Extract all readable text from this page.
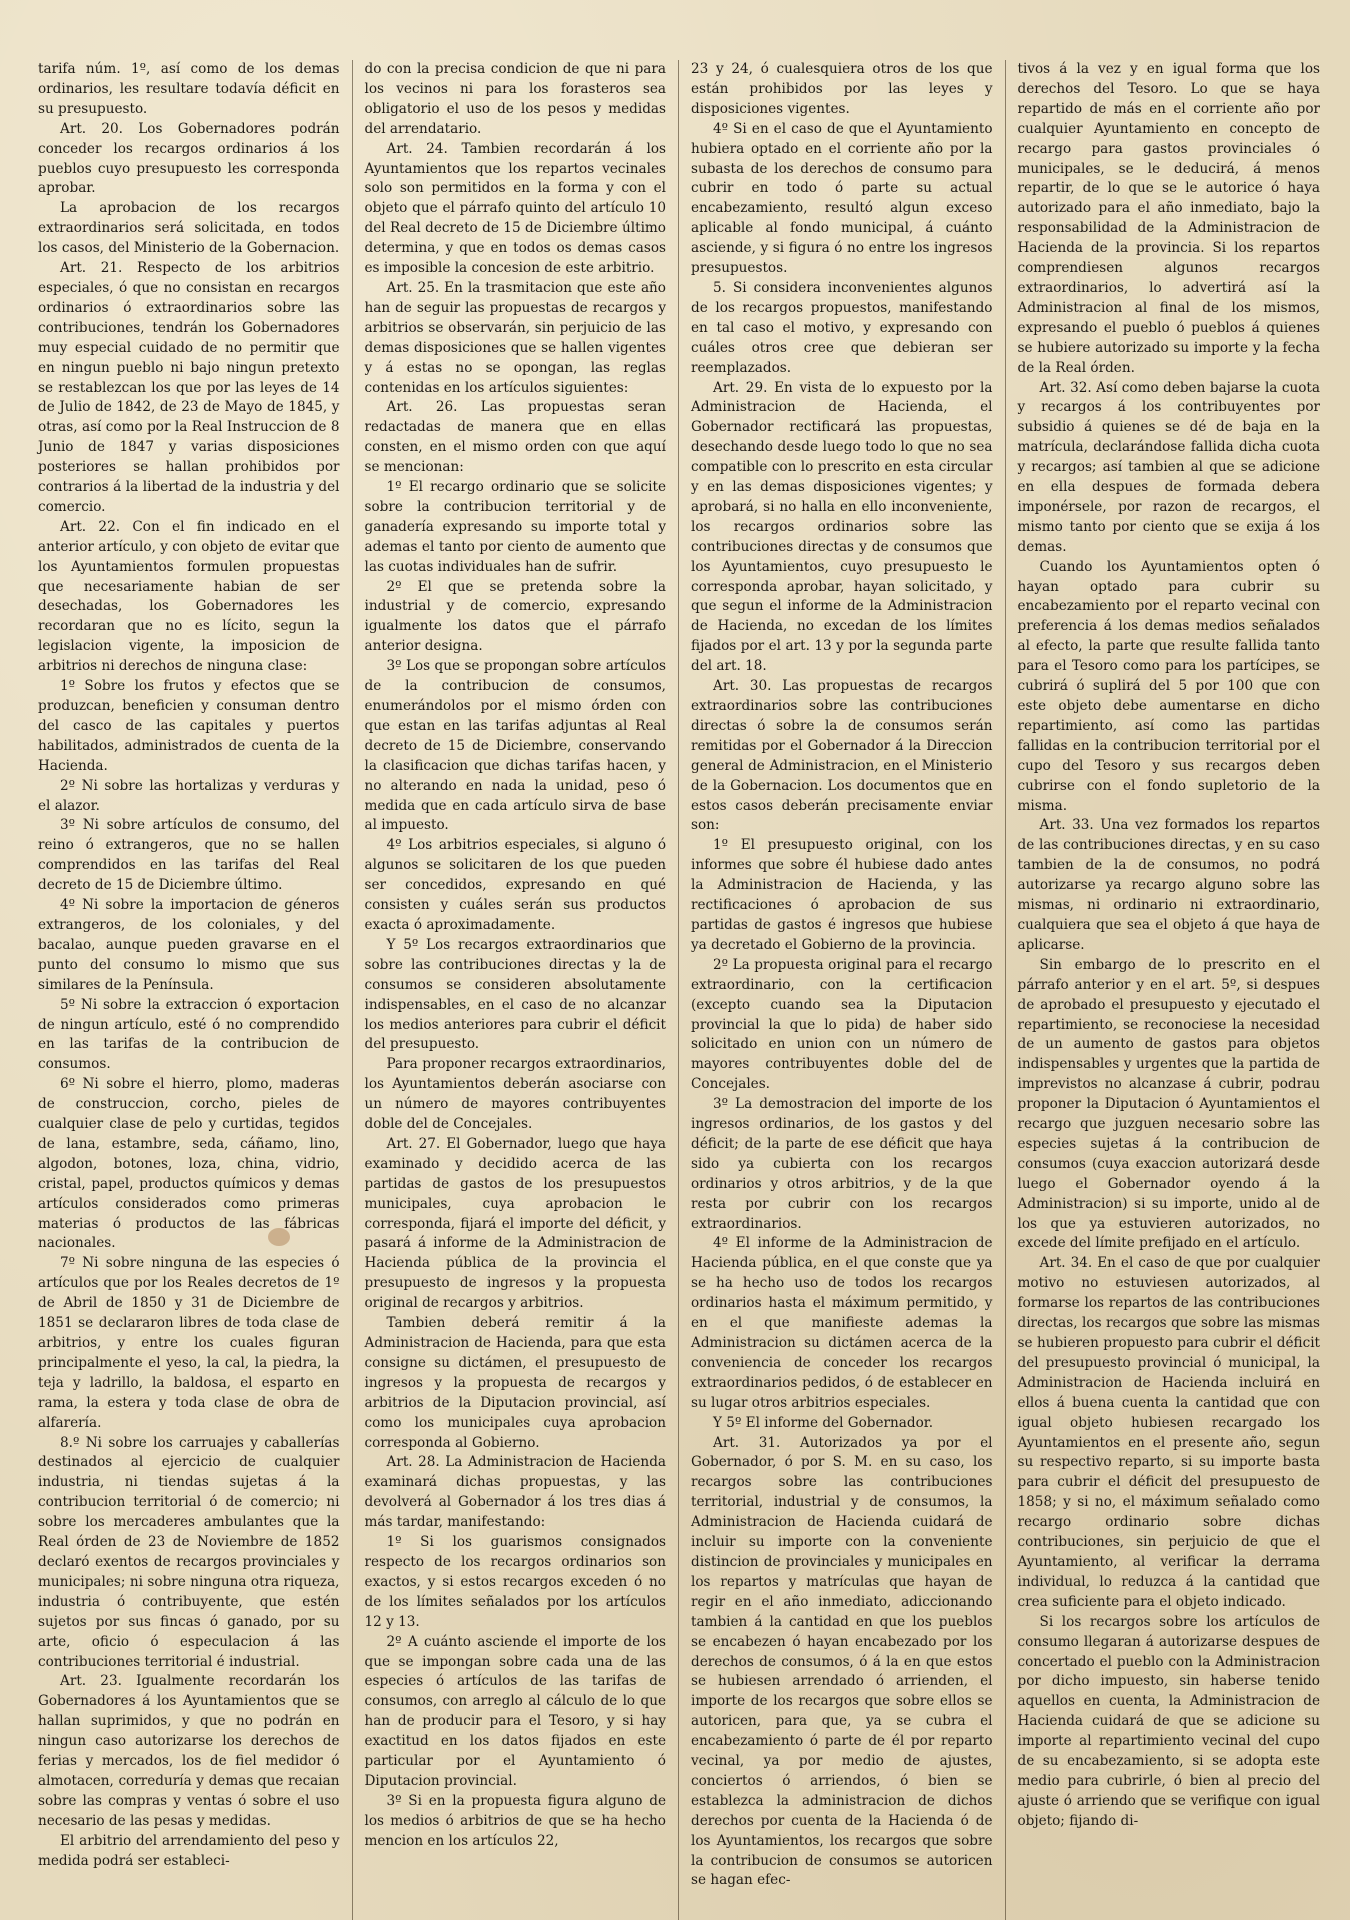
tarifa núm. 1º, así como de los demas ordinarios, les resultare todavía déficit en su presupuesto.

Art. 20. Los Gobernadores podrán conceder los recargos ordinarios á los pueblos cuyo presupuesto les corresponda aprobar.

La aprobacion de los recargos extraordinarios será solicitada, en todos los casos, del Ministerio de la Gobernacion.

Art. 21. Respecto de los arbitrios especiales, ó que no consistan en recargos ordinarios ó extraordinarios sobre las contribuciones, tendrán los Gobernadores muy especial cuidado de no permitir que en ningun pueblo ni bajo ningun pretexto se restablezcan los que por las leyes de 14 de Julio de 1842, de 23 de Mayo de 1845, y otras, así como por la Real Instruccion de 8 Junio de 1847 y varias disposiciones posteriores se hallan prohibidos por contrarios á la libertad de la industria y del comercio.

Art. 22. Con el fin indicado en el anterior artículo, y con objeto de evitar que los Ayuntamientos formulen propuestas que necesariamente habian de ser desechadas, los Gobernadores les recordaran que no es lícito, segun la legislacion vigente, la imposicion de arbitrios ni derechos de ninguna clase:

1º Sobre los frutos y efectos que se produzcan, beneficien y consuman dentro del casco de las capitales y puertos habilitados, administrados de cuenta de la Hacienda.

2º Ni sobre las hortalizas y verduras y el alazor.

3º Ni sobre artículos de consumo, del reino ó extrangeros, que no se hallen comprendidos en las tarifas del Real decreto de 15 de Diciembre último.

4º Ni sobre la importacion de géneros extrangeros, de los coloniales, y del bacalao, aunque pueden gravarse en el punto del consumo lo mismo que sus similares de la Península.

5º Ni sobre la extraccion ó exportacion de ningun artículo, esté ó no comprendido en las tarifas de la contribucion de consumos.

6º Ni sobre el hierro, plomo, maderas de construccion, corcho, pieles de cualquier clase de pelo y curtidas, tegidos de lana, estambre, seda, cáñamo, lino, algodon, botones, loza, china, vidrio, cristal, papel, productos químicos y demas artículos considerados como primeras materias ó productos de las fábricas nacionales.

7º Ni sobre ninguna de las especies ó artículos que por los Reales decretos de 1º de Abril de 1850 y 31 de Diciembre de 1851 se declararon libres de toda clase de arbitrios, y entre los cuales figuran principalmente el yeso, la cal, la piedra, la teja y ladrillo, la baldosa, el esparto en rama, la estera y toda clase de obra de alfarería.

8.º Ni sobre los carruajes y caballerías destinados al ejercicio de cualquier industria, ni tiendas sujetas á la contribucion territorial ó de comercio; ni sobre los mercaderes ambulantes que la Real órden de 23 de Noviembre de 1852 declaró exentos de recargos provinciales y municipales; ni sobre ninguna otra riqueza, industria ó contribuyente, que estén sujetos por sus fincas ó ganado, por su arte, oficio ó especulacion á las contribuciones territorial é industrial.

Art. 23. Igualmente recordarán los Gobernadores á los Ayuntamientos que se hallan suprimidos, y que no podrán en ningun caso autorizarse los derechos de ferias y mercados, los de fiel medidor ó almotacen, correduría y demas que recaian sobre las compras y ventas ó sobre el uso necesario de las pesas y medidas.

El arbitrio del arrendamiento del peso y medida podrá ser estableci-

do con la precisa condicion de que ni para los vecinos ni para los forasteros sea obligatorio el uso de los pesos y medidas del arrendatario.

Art. 24. Tambien recordarán á los Ayuntamientos que los repartos vecinales solo son permitidos en la forma y con el objeto que el párrafo quinto del artículo 10 del Real decreto de 15 de Diciembre último determina, y que en todos os demas casos es imposible la concesion de este arbitrio.

Art. 25. En la trasmitacion que este año han de seguir las propuestas de recargos y arbitrios se observarán, sin perjuicio de las demas disposiciones que se hallen vigentes y á estas no se opongan, las reglas contenidas en los artículos siguientes:

Art. 26. Las propuestas seran redactadas de manera que en ellas consten, en el mismo orden con que aquí se mencionan:

1º El recargo ordinario que se solicite sobre la contribucion territorial y de ganadería expresando su importe total y ademas el tanto por ciento de aumento que las cuotas individuales han de sufrir.

2º El que se pretenda sobre la industrial y de comercio, expresando igualmente los datos que el párrafo anterior designa.

3º Los que se propongan sobre artículos de la contribucion de consumos, enumerándolos por el mismo órden con que estan en las tarifas adjuntas al Real decreto de 15 de Diciembre, conservando la clasificacion que dichas tarifas hacen, y no alterando en nada la unidad, peso ó medida que en cada artículo sirva de base al impuesto.

4º Los arbitrios especiales, si alguno ó algunos se solicitaren de los que pueden ser concedidos, expresando en qué consisten y cuáles serán sus productos exacta ó aproximadamente.

Y 5º Los recargos extraordinarios que sobre las contribuciones directas y la de consumos se consideren absolutamente indispensables, en el caso de no alcanzar los medios anteriores para cubrir el déficit del presupuesto.

Para proponer recargos extraordinarios, los Ayuntamientos deberán asociarse con un número de mayores contribuyentes doble del de Concejales.

Art. 27. El Gobernador, luego que haya examinado y decidido acerca de las partidas de gastos de los presupuestos municipales, cuya aprobacion le corresponda, fijará el importe del déficit, y pasará á informe de la Administracion de Hacienda pública de la provincia el presupuesto de ingresos y la propuesta original de recargos y arbitrios.

Tambien deberá remitir á la Administracion de Hacienda, para que esta consigne su dictámen, el presupuesto de ingresos y la propuesta de recargos y arbitrios de la Diputacion provincial, así como los municipales cuya aprobacion corresponda al Gobierno.

Art. 28. La Administracion de Hacienda examinará dichas propuestas, y las devolverá al Gobernador á los tres dias á más tardar, manifestando:

1º Si los guarismos consignados respecto de los recargos ordinarios son exactos, y si estos recargos exceden ó no de los límites señalados por los artículos 12 y 13.

2º A cuánto asciende el importe de los que se impongan sobre cada una de las especies ó artículos de las tarifas de consumos, con arreglo al cálculo de lo que han de producir para el Tesoro, y si hay exactitud en los datos fijados en este particular por el Ayuntamiento ó Diputacion provincial.

3º Si en la propuesta figura alguno de los medios ó arbitrios de que se ha hecho mencion en los artículos 22,

23 y 24, ó cualesquiera otros de los que están prohibidos por las leyes y disposiciones vigentes.

4º Si en el caso de que el Ayuntamiento hubiera optado en el corriente año por la subasta de los derechos de consumo para cubrir en todo ó parte su actual encabezamiento, resultó algun exceso aplicable al fondo municipal, á cuánto asciende, y si figura ó no entre los ingresos presupuestos.

5. Si considera inconvenientes algunos de los recargos propuestos, manifestando en tal caso el motivo, y expresando con cuáles otros cree que debieran ser reemplazados.

Art. 29. En vista de lo expuesto por la Administracion de Hacienda, el Gobernador rectificará las propuestas, desechando desde luego todo lo que no sea compatible con lo prescrito en esta circular y en las demas disposiciones vigentes; y aprobará, si no halla en ello inconveniente, los recargos ordinarios sobre las contribuciones directas y de consumos que los Ayuntamientos, cuyo presupuesto le corresponda aprobar, hayan solicitado, y que segun el informe de la Administracion de Hacienda, no excedan de los límites fijados por el art. 13 y por la segunda parte del art. 18.

Art. 30. Las propuestas de recargos extraordinarios sobre las contribuciones directas ó sobre la de consumos serán remitidas por el Gobernador á la Direccion general de Administracion, en el Ministerio de la Gobernacion. Los documentos que en estos casos deberán precisamente enviar son:

1º El presupuesto original, con los informes que sobre él hubiese dado antes la Administracion de Hacienda, y las rectificaciones ó aprobacion de sus partidas de gastos é ingresos que hubiese ya decretado el Gobierno de la provincia.

2º La propuesta original para el recargo extraordinario, con la certificacion (excepto cuando sea la Diputacion provincial la que lo pida) de haber sido solicitado en union con un número de mayores contribuyentes doble del de Concejales.

3º La demostracion del importe de los ingresos ordinarios, de los gastos y del déficit; de la parte de ese déficit que haya sido ya cubierta con los recargos ordinarios y otros arbitrios, y de la que resta por cubrir con los recargos extraordinarios.

4º El informe de la Administracion de Hacienda pública, en el que conste que ya se ha hecho uso de todos los recargos ordinarios hasta el máximum permitido, y en el que manifieste ademas la Administracion su dictámen acerca de la conveniencia de conceder los recargos extraordinarios pedidos, ó de establecer en su lugar otros arbitrios especiales.

Y 5º El informe del Gobernador.

Art. 31. Autorizados ya por el Gobernador, ó por S. M. en su caso, los recargos sobre las contribuciones territorial, industrial y de consumos, la Administracion de Hacienda cuidará de incluir su importe con la conveniente distincion de provinciales y municipales en los repartos y matrículas que hayan de regir en el año inmediato, adiccionando tambien á la cantidad en que los pueblos se encabezen ó hayan encabezado por los derechos de consumos, ó á la en que estos se hubiesen arrendado ó arrienden, el importe de los recargos que sobre ellos se autoricen, para que, ya se cubra el encabezamiento ó parte de él por reparto vecinal, ya por medio de ajustes, conciertos ó arriendos, ó bien se establezca la administracion de dichos derechos por cuenta de la Hacienda ó de los Ayuntamientos, los recargos que sobre la contribucion de consumos se autoricen se hagan efec-

tivos á la vez y en igual forma que los derechos del Tesoro. Lo que se haya repartido de más en el corriente año por cualquier Ayuntamiento en concepto de recargo para gastos provinciales ó municipales, se le deducirá, á menos repartir, de lo que se le autorice ó haya autorizado para el año inmediato, bajo la responsabilidad de la Administracion de Hacienda de la provincia. Si los repartos comprendiesen algunos recargos extraordinarios, lo advertirá así la Administracion al final de los mismos, expresando el pueblo ó pueblos á quienes se hubiere autorizado su importe y la fecha de la Real órden.

Art. 32. Así como deben bajarse la cuota y recargos á los contribuyentes por subsidio á quienes se dé de baja en la matrícula, declarándose fallida dicha cuota y recargos; así tambien al que se adicione en ella despues de formada debera imponérsele, por razon de recargos, el mismo tanto por ciento que se exija á los demas.

Cuando los Ayuntamientos opten ó hayan optado para cubrir su encabezamiento por el reparto vecinal con preferencia á los demas medios señalados al efecto, la parte que resulte fallida tanto para el Tesoro como para los partícipes, se cubrirá ó suplirá del 5 por 100 que con este objeto debe aumentarse en dicho repartimiento, así como las partidas fallidas en la contribucion territorial por el cupo del Tesoro y sus recargos deben cubrirse con el fondo supletorio de la misma.

Art. 33. Una vez formados los repartos de las contribuciones directas, y en su caso tambien de la de consumos, no podrá autorizarse ya recargo alguno sobre las mismas, ni ordinario ni extraordinario, cualquiera que sea el objeto á que haya de aplicarse.

Sin embargo de lo prescrito en el párrafo anterior y en el art. 5º, si despues de aprobado el presupuesto y ejecutado el repartimiento, se reconociese la necesidad de un aumento de gastos para objetos indispensables y urgentes que la partida de imprevistos no alcanzase á cubrir, podrau proponer la Diputacion ó Ayuntamientos el recargo que juzguen necesario sobre las especies sujetas á la contribucion de consumos (cuya exaccion autorizará desde luego el Gobernador oyendo á la Administracion) si su importe, unido al de los que ya estuvieren autorizados, no excede del límite prefijado en el artículo.

Art. 34. En el caso de que por cualquier motivo no estuviesen autorizados, al formarse los repartos de las contribuciones directas, los recargos que sobre las mismas se hubieren propuesto para cubrir el déficit del presupuesto provincial ó municipal, la Administracion de Hacienda incluirá en ellos á buena cuenta la cantidad que con igual objeto hubiesen recargado los Ayuntamientos en el presente año, segun su respectivo reparto, si su importe basta para cubrir el déficit del presupuesto de 1858; y si no, el máximum señalado como recargo ordinario sobre dichas contribuciones, sin perjuicio de que el Ayuntamiento, al verificar la derrama individual, lo reduzca á la cantidad que crea suficiente para el objeto indicado.

Si los recargos sobre los artículos de consumo llegaran á autorizarse despues de concertado el pueblo con la Administracion por dicho impuesto, sin haberse tenido aquellos en cuenta, la Administracion de Hacienda cuidará de que se adicione su importe al repartimiento vecinal del cupo de su encabezamiento, si se adopta este medio para cubrirle, ó bien al precio del ajuste ó arriendo que se verifique con igual objeto; fijando di-
